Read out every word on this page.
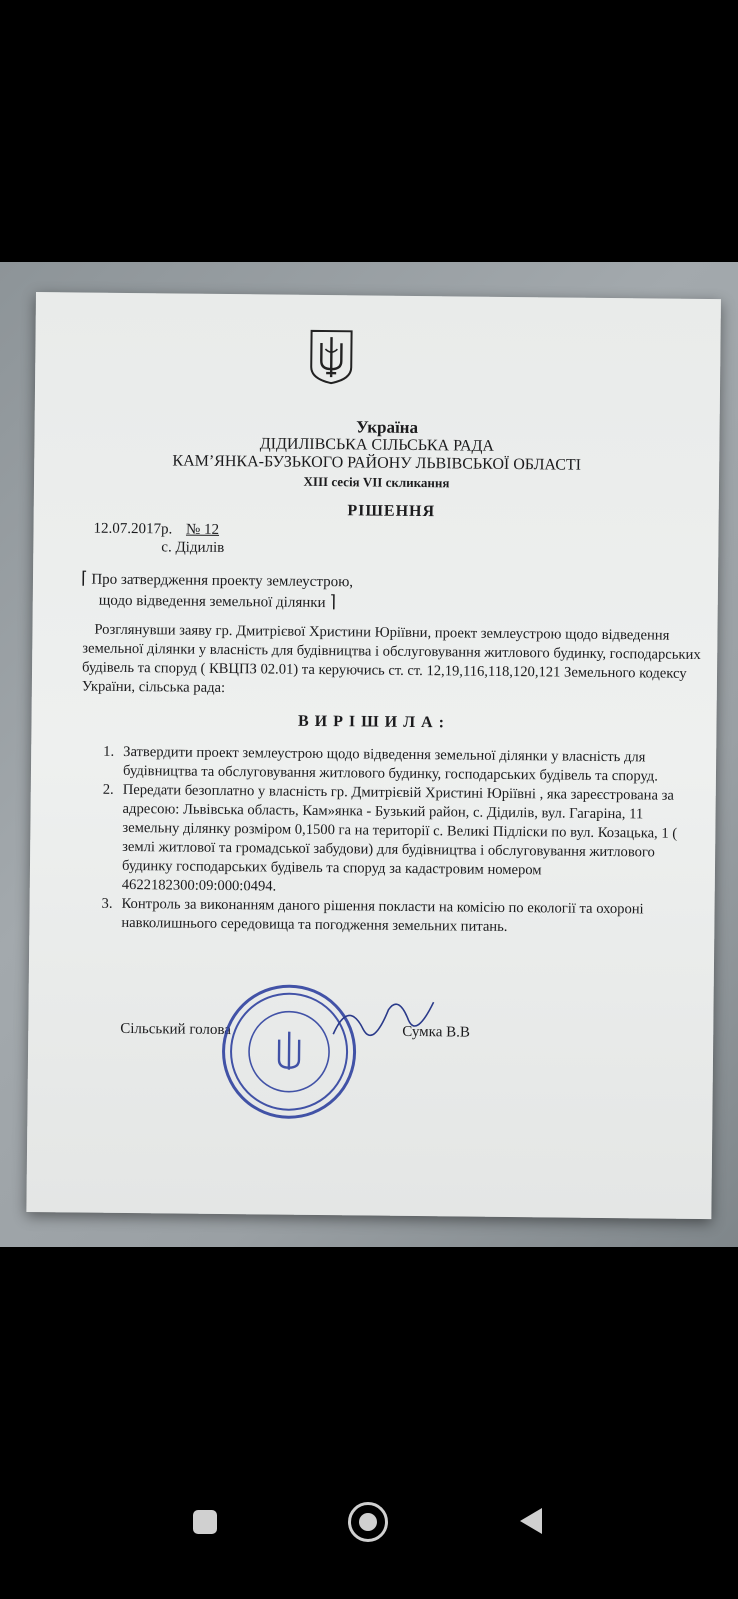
Україна
ДІДИЛІВСЬКА СІЛЬСЬКА РАДА
КАМ’ЯНКА-БУЗЬКОГО РАЙОНУ ЛЬВІВСЬКОЇ ОБЛАСТІ
XIII сесія VII скликання
РІШЕННЯ
12.07.2017р. № 12
с. Дідилів
⌈ Про затвердження проекту землеустрою,
щодо відведення земельної ділянки ⌉
Розглянувши заяву гр. Дмитрієвої Христини Юріївни, проект землеустрою щодо відведення земельної ділянки у власність для будівництва і обслуговування житлового будинку, господарських будівель та споруд ( КВЦПЗ 02.01) та керуючись ст. ст. 12,19,116,118,120,121 Земельного кодексу України, сільська рада:
ВИРІШИЛА:
1. Затвердити проект землеустрою щодо відведення земельної ділянки у власність для будівництва та обслуговування житлового будинку, господарських будівель та споруд.
2. Передати безоплатно у власність гр. Дмитрієвій Христині Юріївні , яка зареєстрована за адресою: Львівська область, Кам»янка - Бузький район, с. Дідилів, вул. Гагаріна, 11 земельну ділянку розміром 0,1500 га на території с. Великі Підліски по вул. Козацька, 1 ( землі житлової та громадської забудови) для будівництва і обслуговування житлового будинку господарських будівель та споруд за кадастровим номером 4622182300:09:000:0494.
3. Контроль за виконанням даного рішення покласти на комісію по екології та охороні навколишнього середовища та погодження земельних питань.
Сільський голова	Сумка В.В
